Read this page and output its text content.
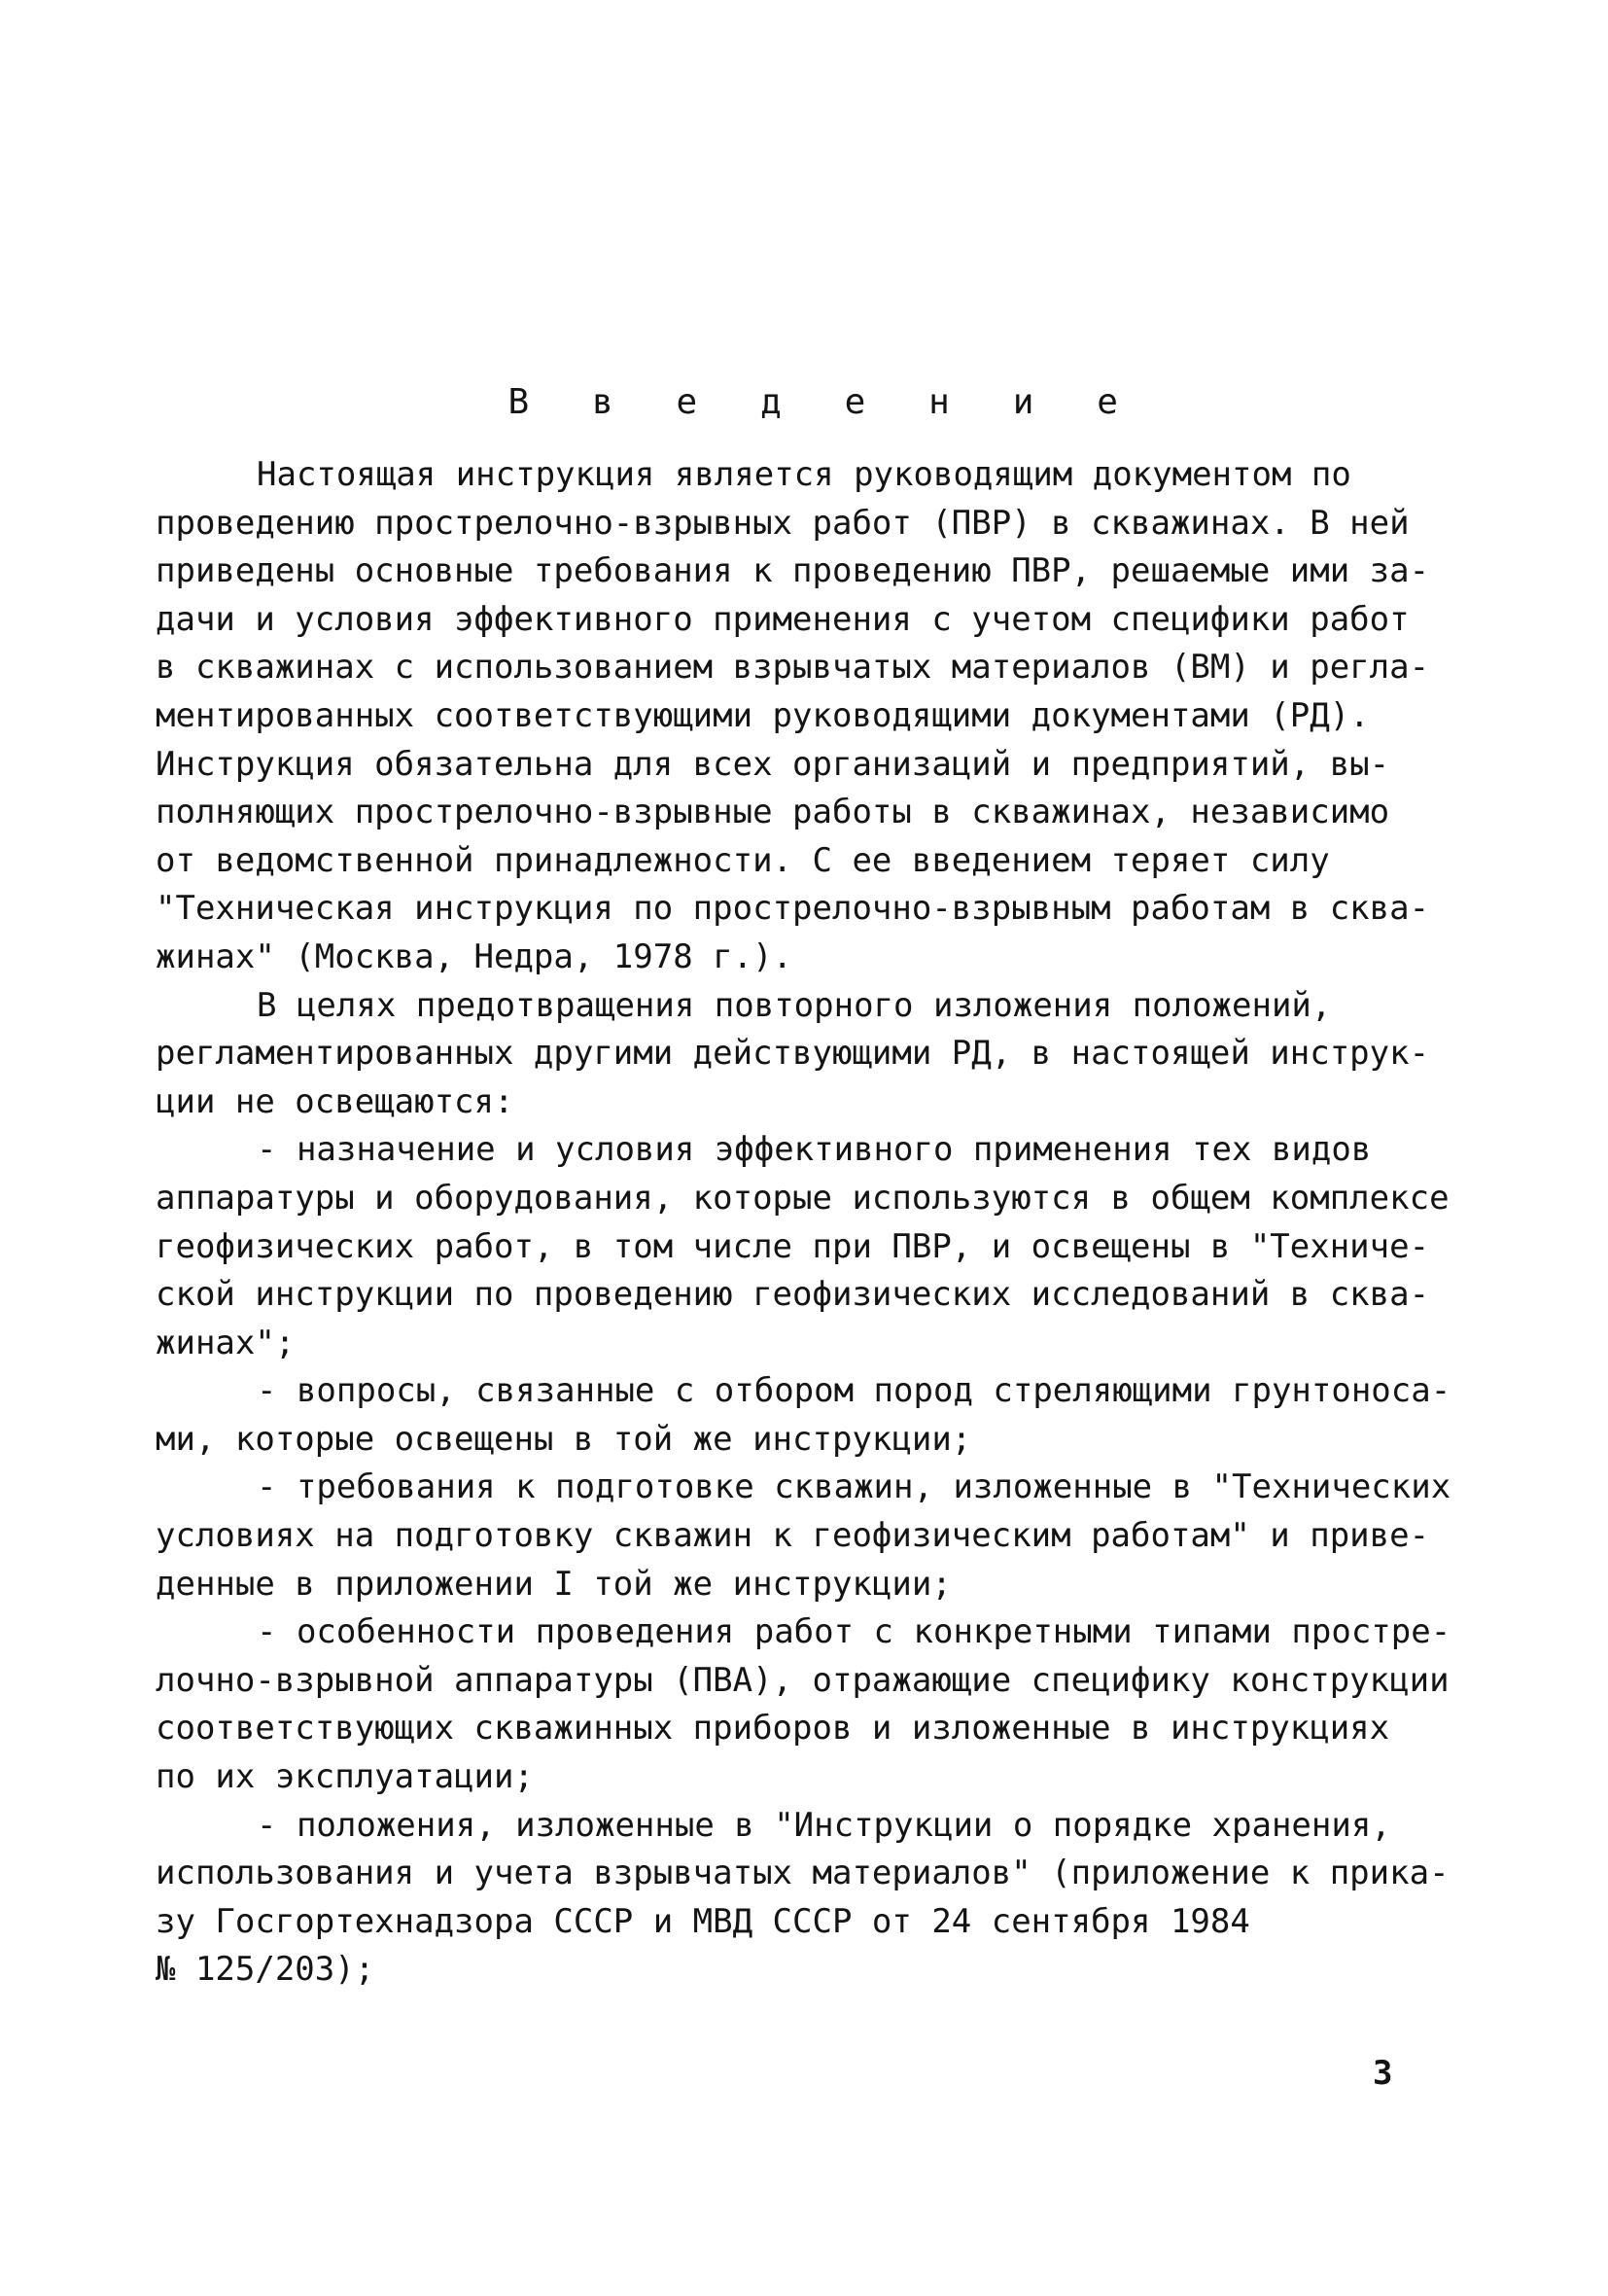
В в е д е н и е
Настоящая инструкция является руководящим документом по
проведению прострелочно-взрывных работ (ПВР) в скважинах. В ней
приведены основные требования к проведению ПВР, решаемые ими за-
дачи и условия эффективного применения с учетом специфики работ
в скважинах с использованием взрывчатых материалов (ВМ) и регла-
ментированных соответствующими руководящими документами (РД).
Инструкция обязательна для всех организаций и предприятий, вы-
полняющих прострелочно-взрывные работы в скважинах, независимо
от ведомственной принадлежности. С ее введением теряет силу
"Техническая инструкция по прострелочно-взрывным работам в сква-
жинах" (Москва, Недра, 1978 г.).
В целях предотвращения повторного изложения положений,
регламентированных другими действующими РД, в настоящей инструк-
ции не освещаются:
- назначение и условия эффективного применения тех видов
аппаратуры и оборудования, которые используются в общем комплексе
геофизических работ, в том числе при ПВР, и освещены в "Техниче-
ской инструкции по проведению геофизических исследований в сква-
жинах";
- вопросы, связанные с отбором пород стреляющими грунтоноса-
ми, которые освещены в той же инструкции;
- требования к подготовке скважин, изложенные в "Технических
условиях на подготовку скважин к геофизическим работам" и приве-
денные в приложении I той же инструкции;
- особенности проведения работ с конкретными типами простре-
лочно-взрывной аппаратуры (ПВА), отражающие специфику конструкции
соответствующих скважинных приборов и изложенные в инструкциях
по их эксплуатации;
- положения, изложенные в "Инструкции о порядке хранения,
использования и учета взрывчатых материалов" (приложение к прика-
зу Госгортехнадзора СССР и МВД СССР от 24 сентября 1984
№ 125/203);
3
